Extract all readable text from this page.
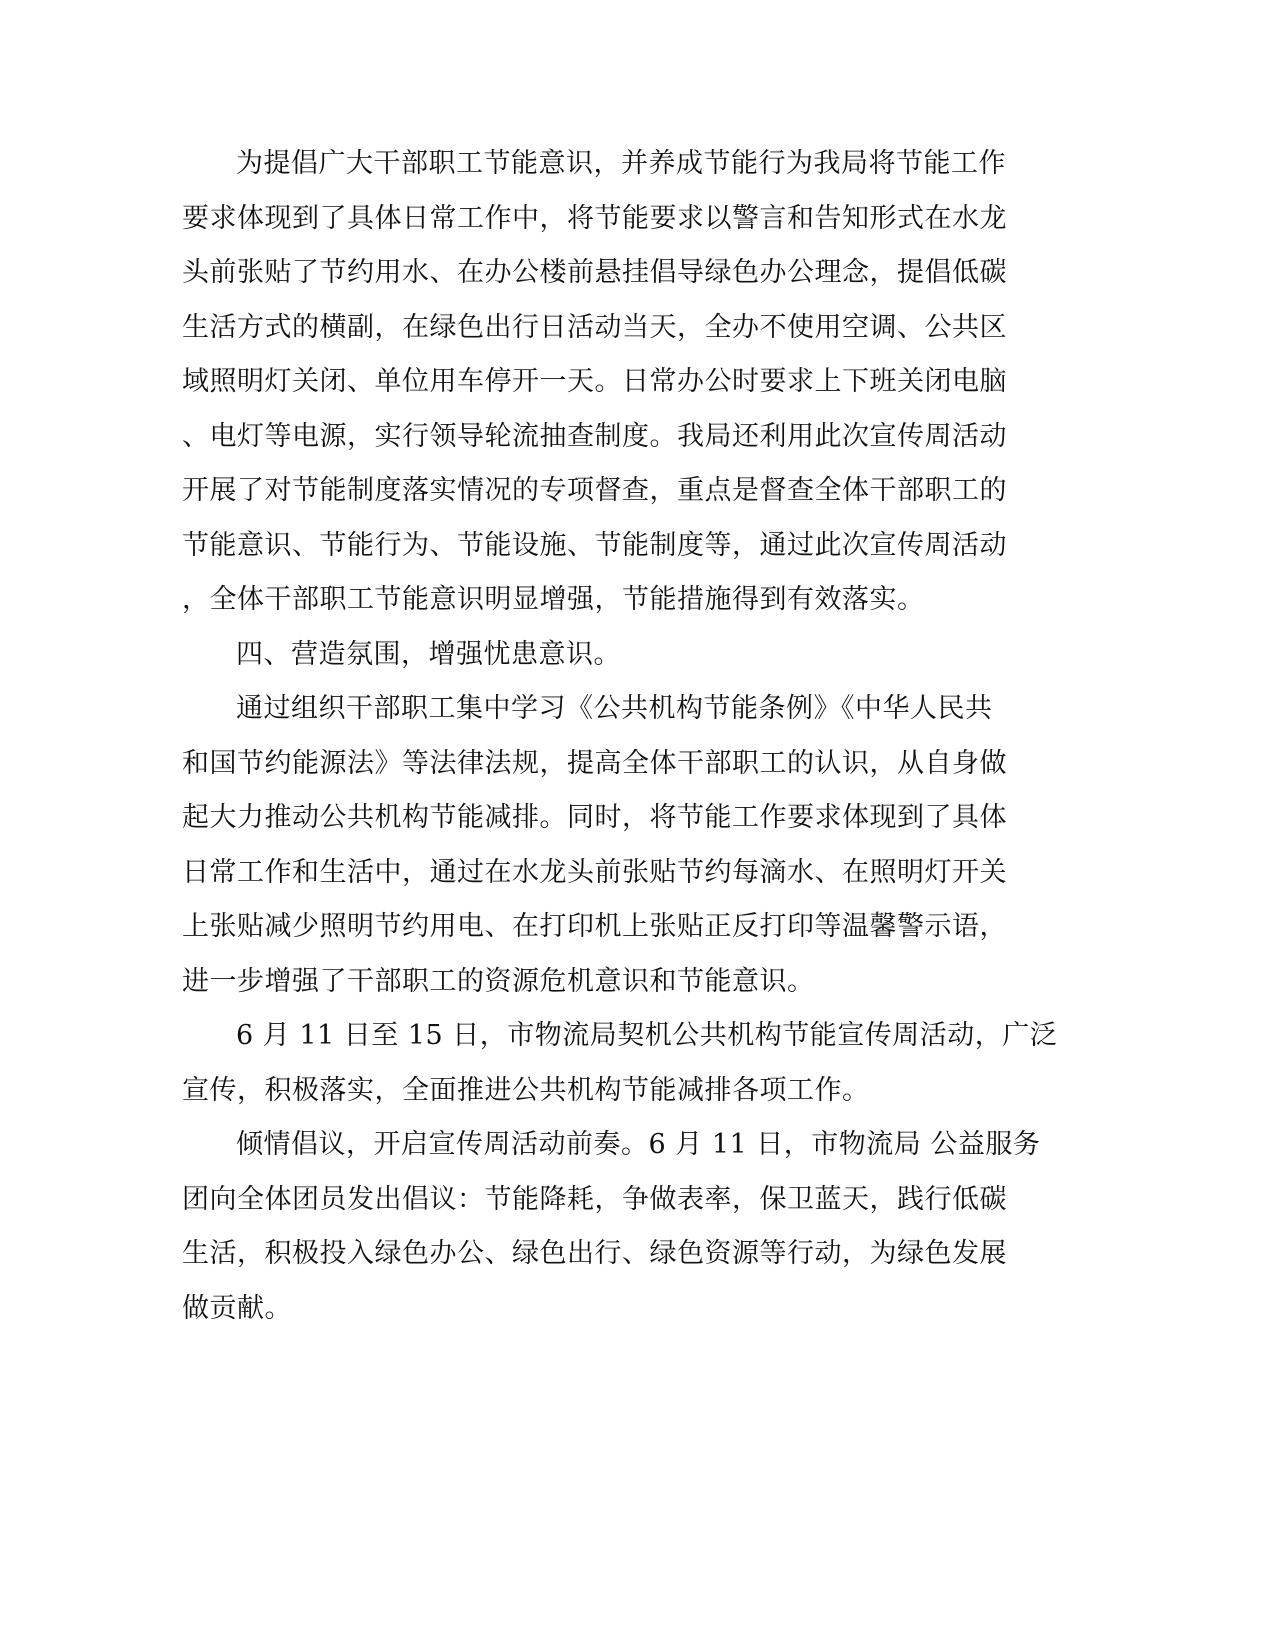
为提倡广大干部职工节能意识，并养成节能行为我局将节能工作
要求体现到了具体日常工作中，将节能要求以警言和告知形式在水龙
头前张贴了节约用水、在办公楼前悬挂倡导绿色办公理念，提倡低碳
生活方式的横副，在绿色出行日活动当天，全办不使用空调、公共区
域照明灯关闭、单位用车停开一天。日常办公时要求上下班关闭电脑
、电灯等电源，实行领导轮流抽查制度。我局还利用此次宣传周活动
开展了对节能制度落实情况的专项督查，重点是督查全体干部职工的
节能意识、节能行为、节能设施、节能制度等，通过此次宣传周活动
，全体干部职工节能意识明显增强，节能措施得到有效落实。
四、营造氛围，增强忧患意识。
通过组织干部职工集中学习《公共机构节能条例》《中华人民共
和国节约能源法》等法律法规，提高全体干部职工的认识，从自身做
起大力推动公共机构节能减排。同时，将节能工作要求体现到了具体
日常工作和生活中，通过在水龙头前张贴节约每滴水、在照明灯开关
上张贴减少照明节约用电、在打印机上张贴正反打印等温馨警示语，
进一步增强了干部职工的资源危机意识和节能意识。
6 月 11 日至 15 日，市物流局契机公共机构节能宣传周活动，广泛
宣传，积极落实，全面推进公共机构节能减排各项工作。
倾情倡议，开启宣传周活动前奏。6 月 11 日，市物流局 公益服务
团向全体团员发出倡议：节能降耗，争做表率，保卫蓝天，践行低碳
生活，积极投入绿色办公、绿色出行、绿色资源等行动，为绿色发展
做贡献。
